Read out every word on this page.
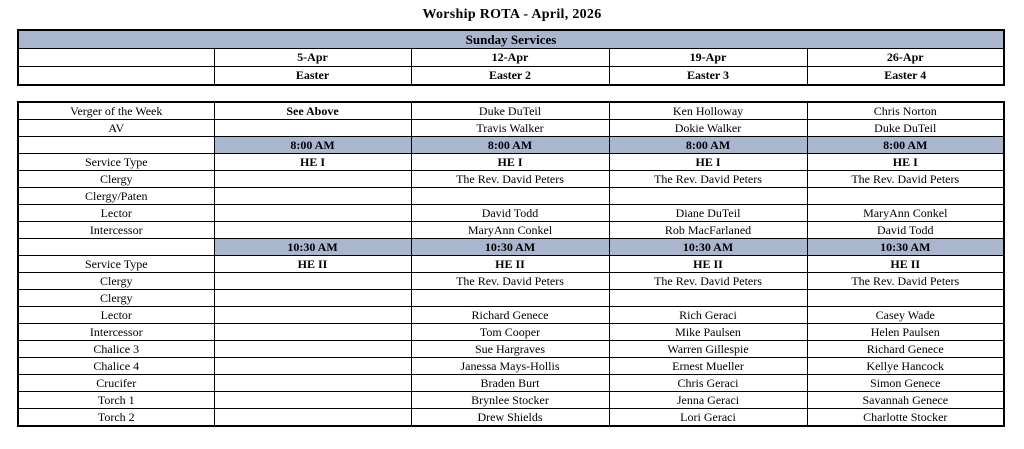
Worship ROTA - April, 2026
Sunday Services				
	5-Apr	12-Apr	19-Apr	26-Apr
	Easter	Easter 2	Easter 3	Easter 4
Verger of the Week	See Above	Duke DuTeil	Ken Holloway	Chris Norton
AV		Travis Walker	Dokie Walker	Duke DuTeil
	8:00 AM	8:00 AM	8:00 AM	8:00 AM
Service Type	HE I	HE I	HE I	HE I
Clergy		The Rev. David Peters	The Rev. David Peters	The Rev. David Peters
Clergy/Paten				
Lector		David Todd	Diane DuTeil	MaryAnn Conkel
Intercessor		MaryAnn Conkel	Rob MacFarlaned	David Todd
	10:30 AM	10:30 AM	10:30 AM	10:30 AM
Service Type	HE II	HE II	HE II	HE II
Clergy		The Rev. David Peters	The Rev. David Peters	The Rev. David Peters
Clergy				
Lector		Richard Genece	Rich Geraci	Casey Wade
Intercessor		Tom Cooper	Mike Paulsen	Helen Paulsen
Chalice 3		Sue Hargraves	Warren Gillespie	Richard Genece
Chalice 4		Janessa Mays-Hollis	Ernest Mueller	Kellye Hancock
Crucifer		Braden Burt	Chris Geraci	Simon Genece
Torch 1		Brynlee Stocker	Jenna Geraci	Savannah Genece
Torch 2		Drew Shields	Lori Geraci	Charlotte Stocker
